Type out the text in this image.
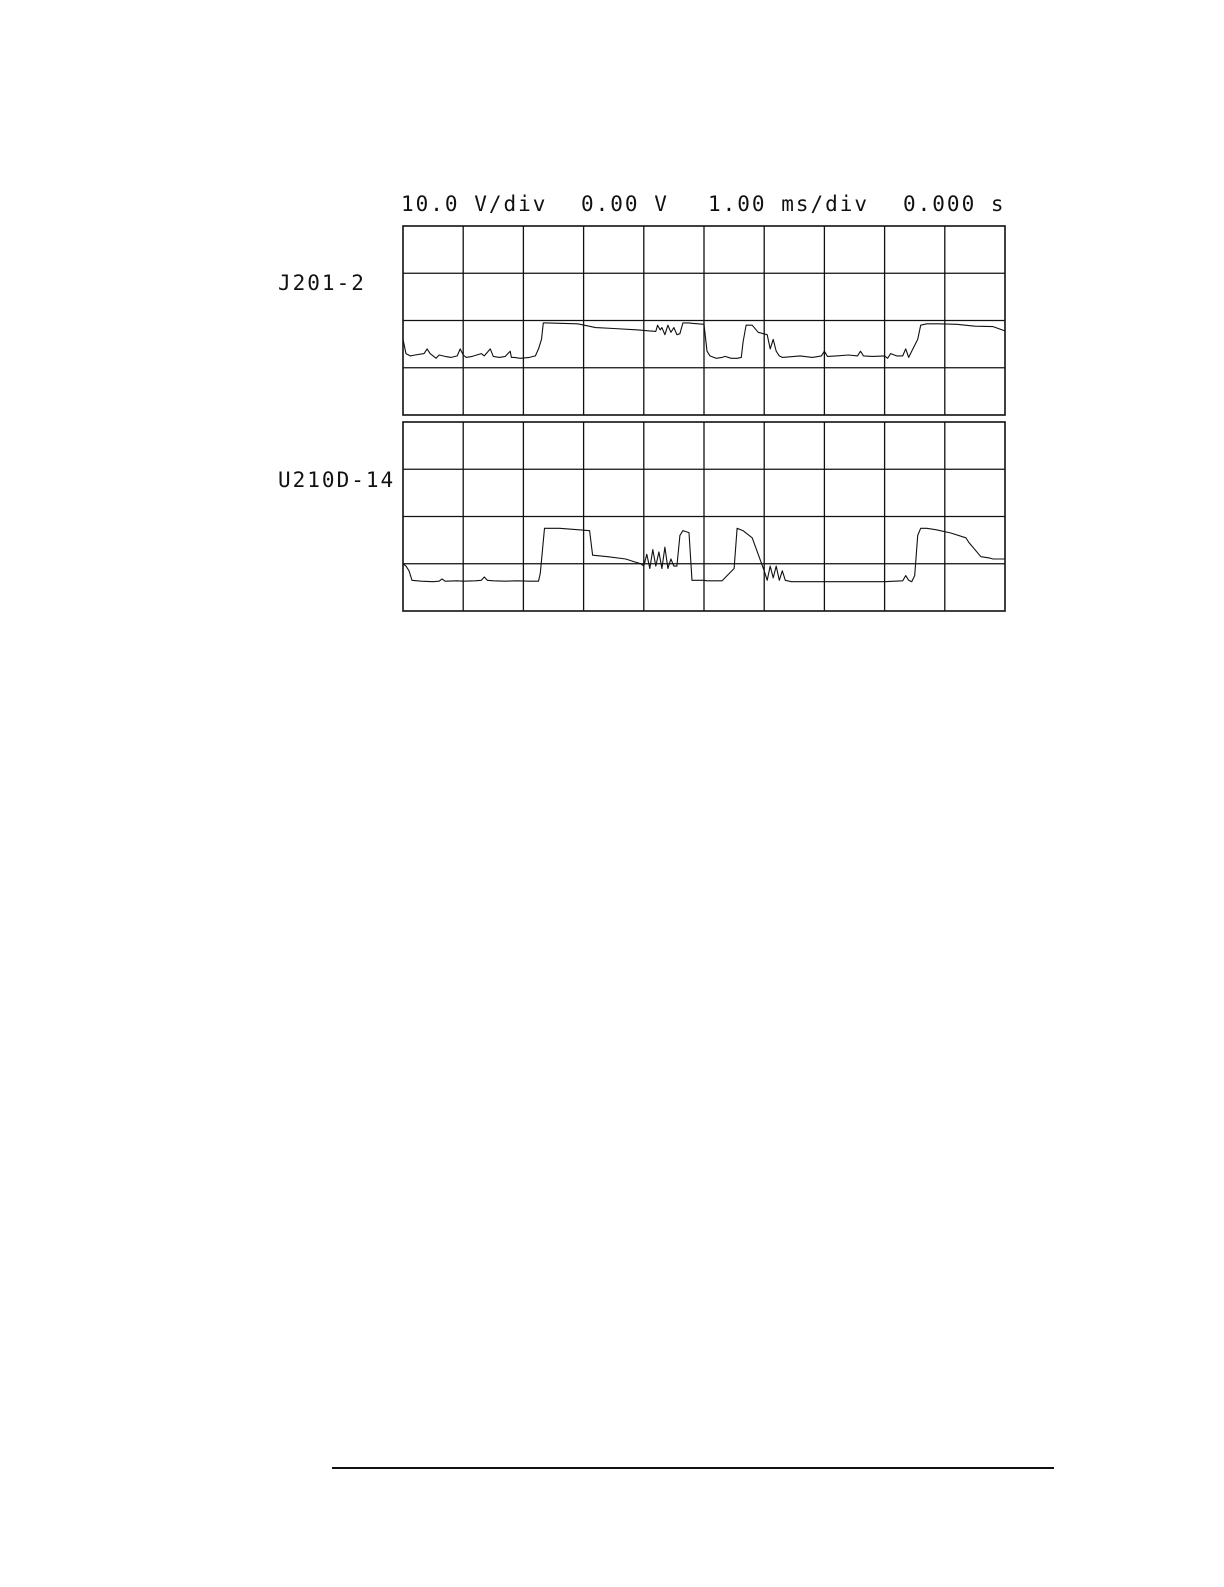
10.0 V/div 0.00 V 1.00 ms/div 0.000 s
J201-2
U210D-14
